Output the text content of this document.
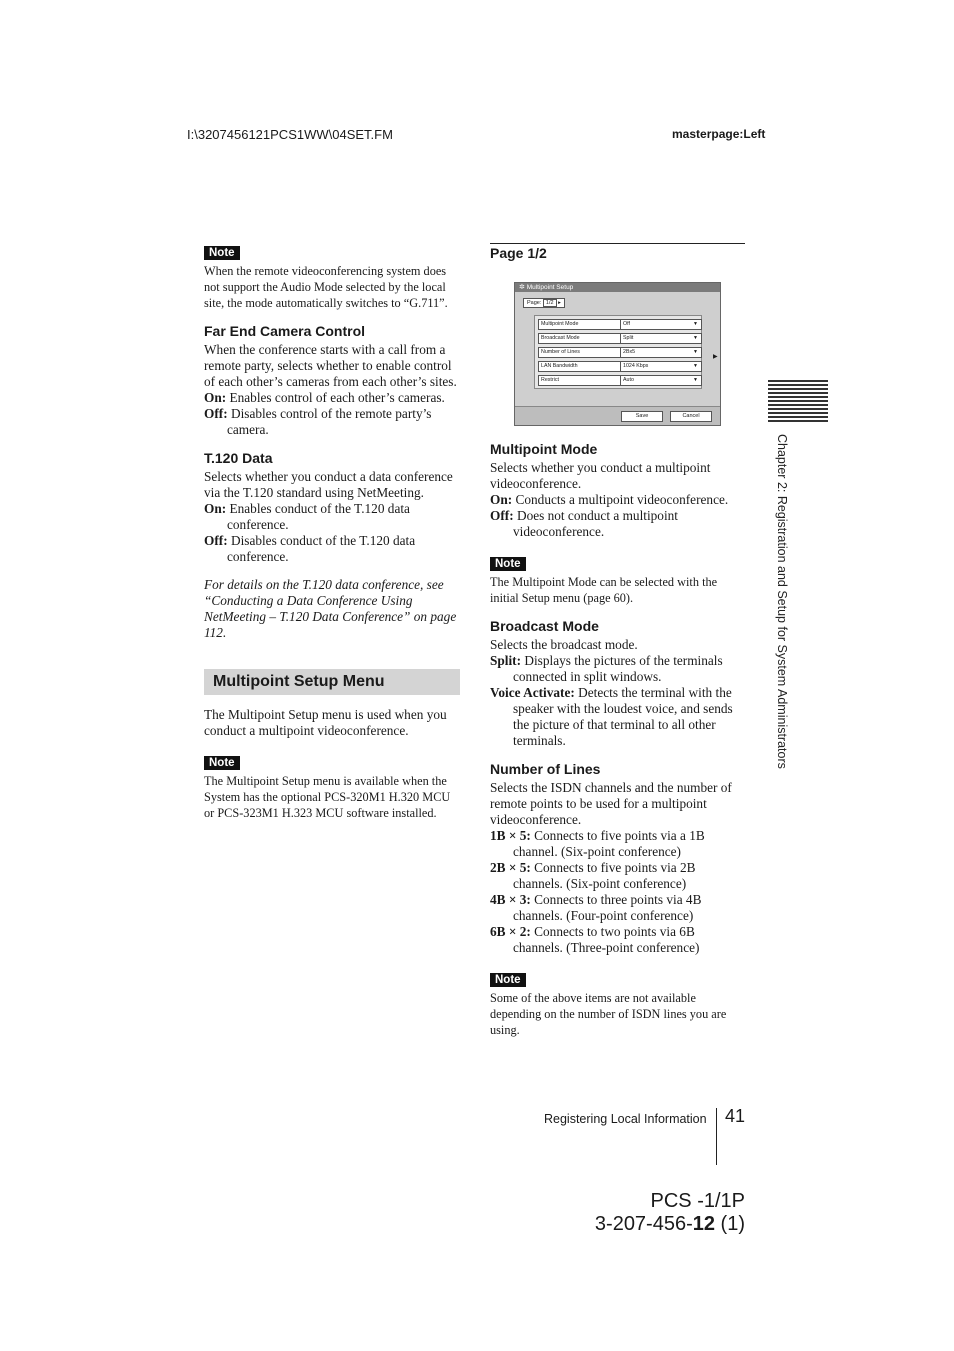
I:\3207456121PCS1WW\04SET.FM	masterpage:Left
Note

When the remote videoconferencing system does not support the Audio Mode selected by the local site, the mode automatically switches to “G.711”.

Far End Camera Control

When the conference starts with a call from a remote party, selects whether to enable control of each other’s cameras from each other’s sites.

On: Enables control of each other’s cameras.

Off: Disables control of the remote party’s camera.

T.120 Data

Selects whether you conduct a data conference via the T.120 standard using NetMeeting.

On: Enables conduct of the T.120 data conference.

Off: Disables conduct of the T.120 data conference.

For details on the T.120 data conference, see “Conducting a Data Conference Using NetMeeting – T.120 Data Conference” on page 112.

Multipoint Setup Menu

The Multipoint Setup menu is used when you conduct a multipoint videoconference.

Note

The Multipoint Setup menu is available when the System has the optional PCS-320M1 H.320 MCU or PCS-323M1 H.323 MCU software installed.

Page 1/2
✲ Multipoint Setup
Page: 1/2 ▸
Multipoint Mode	Off	▼
Broadcast Mode	Split	▼
Number of Lines	2Bx5	▼
LAN Bandwidth	1024 Kbps	▼
Restrict	Auto	▼
▶
Save	Cancel

Multipoint Mode

Selects whether you conduct a multipoint videoconference.

On: Conducts a multipoint videoconference.

Off: Does not conduct a multipoint videoconference.

Note

The Multipoint Mode can be selected with the initial Setup menu (page 60).

Broadcast Mode

Selects the broadcast mode.

Split: Displays the pictures of the terminals connected in split windows.

Voice Activate: Detects the terminal with the speaker with the loudest voice, and sends the picture of that terminal to all other terminals.

Number of Lines

Selects the ISDN channels and the number of remote points to be used for a multipoint videoconference.

1B × 5: Connects to five points via a 1B channel. (Six-point conference)

2B × 5: Connects to five points via 2B channels. (Six-point conference)

4B × 3: Connects to three points via 4B channels. (Four-point conference)

6B × 2: Connects to two points via 6B channels. (Three-point conference)

Note

Some of the above items are not available depending on the number of ISDN lines you are using.

Chapter 2: Registration and Setup for System Administrators
Registering Local Information 41
PCS -1/1P
3-207-456-12 (1)
